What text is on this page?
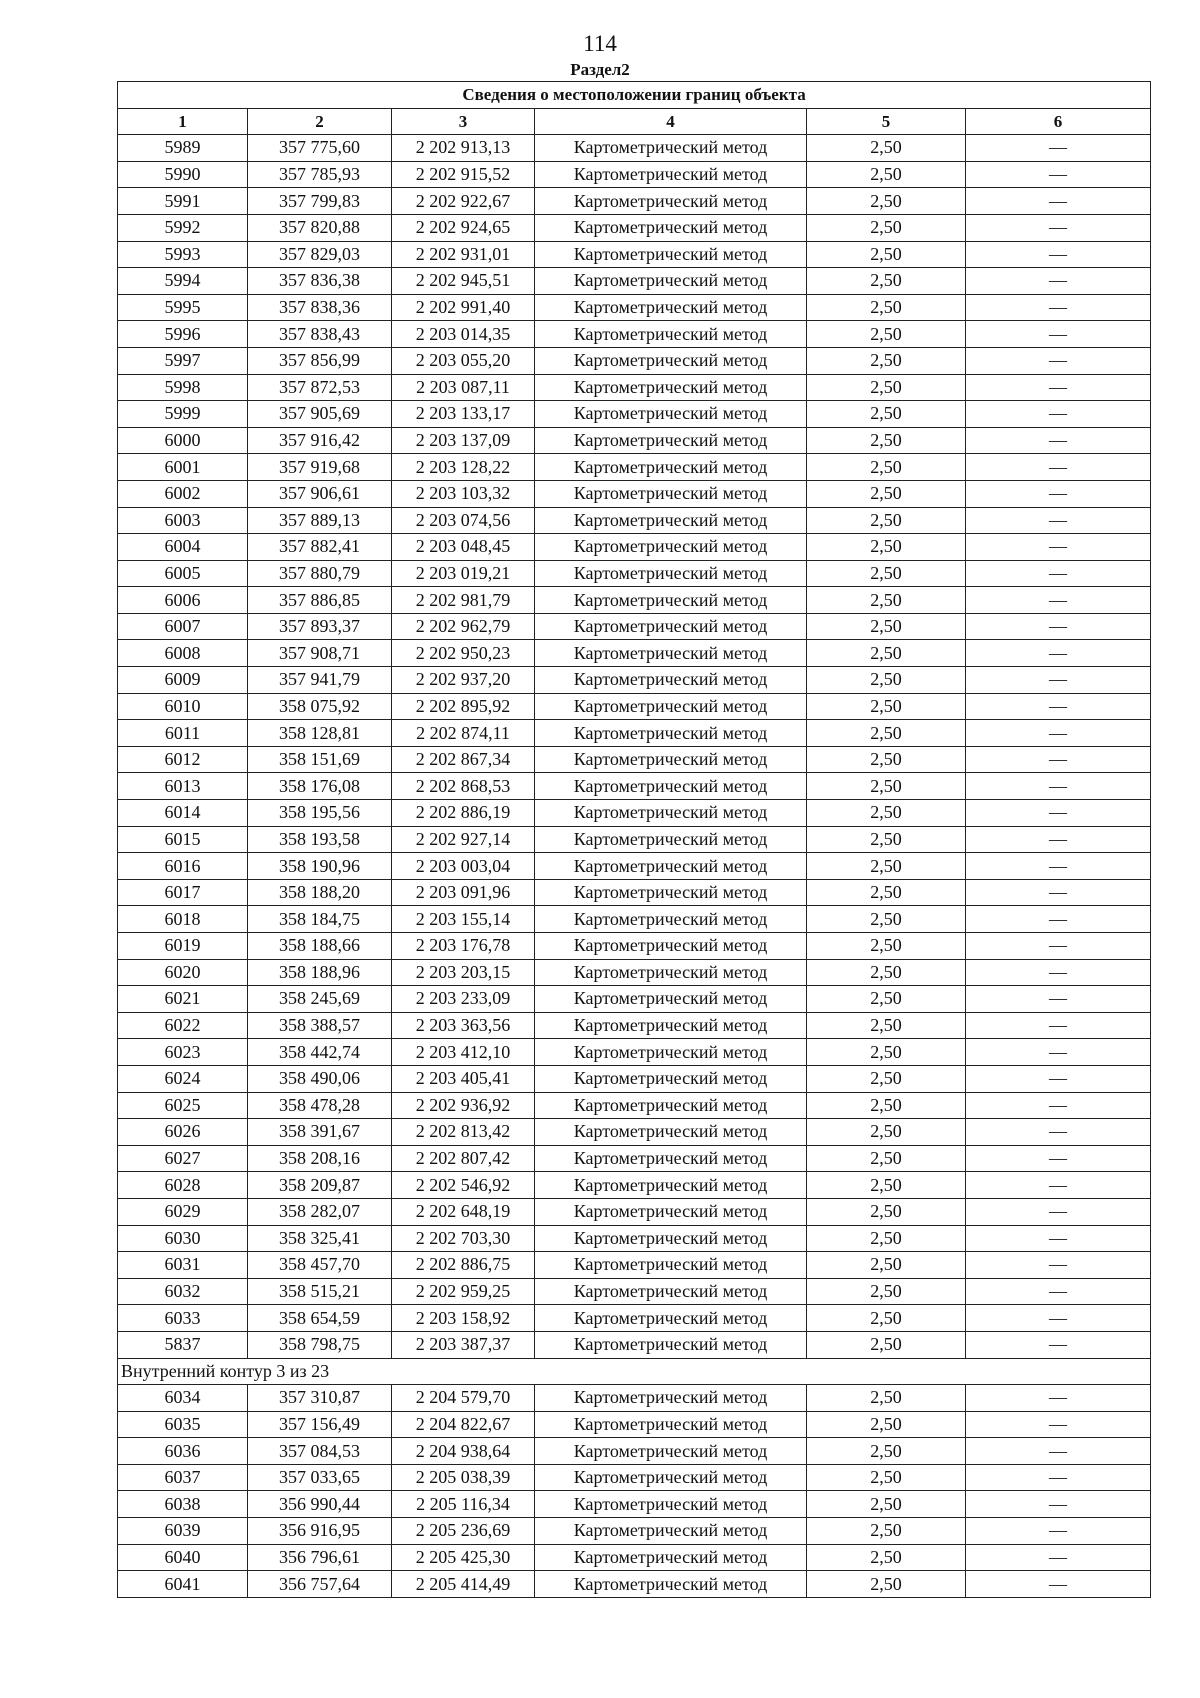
114
Раздел2
Сведения о местоположении границ объекта					
1	2	3	4	5	6
5989	357 775,60	2 202 913,13	Картометрический метод	2,50	—
5990	357 785,93	2 202 915,52	Картометрический метод	2,50	—
5991	357 799,83	2 202 922,67	Картометрический метод	2,50	—
5992	357 820,88	2 202 924,65	Картометрический метод	2,50	—
5993	357 829,03	2 202 931,01	Картометрический метод	2,50	—
5994	357 836,38	2 202 945,51	Картометрический метод	2,50	—
5995	357 838,36	2 202 991,40	Картометрический метод	2,50	—
5996	357 838,43	2 203 014,35	Картометрический метод	2,50	—
5997	357 856,99	2 203 055,20	Картометрический метод	2,50	—
5998	357 872,53	2 203 087,11	Картометрический метод	2,50	—
5999	357 905,69	2 203 133,17	Картометрический метод	2,50	—
6000	357 916,42	2 203 137,09	Картометрический метод	2,50	—
6001	357 919,68	2 203 128,22	Картометрический метод	2,50	—
6002	357 906,61	2 203 103,32	Картометрический метод	2,50	—
6003	357 889,13	2 203 074,56	Картометрический метод	2,50	—
6004	357 882,41	2 203 048,45	Картометрический метод	2,50	—
6005	357 880,79	2 203 019,21	Картометрический метод	2,50	—
6006	357 886,85	2 202 981,79	Картометрический метод	2,50	—
6007	357 893,37	2 202 962,79	Картометрический метод	2,50	—
6008	357 908,71	2 202 950,23	Картометрический метод	2,50	—
6009	357 941,79	2 202 937,20	Картометрический метод	2,50	—
6010	358 075,92	2 202 895,92	Картометрический метод	2,50	—
6011	358 128,81	2 202 874,11	Картометрический метод	2,50	—
6012	358 151,69	2 202 867,34	Картометрический метод	2,50	—
6013	358 176,08	2 202 868,53	Картометрический метод	2,50	—
6014	358 195,56	2 202 886,19	Картометрический метод	2,50	—
6015	358 193,58	2 202 927,14	Картометрический метод	2,50	—
6016	358 190,96	2 203 003,04	Картометрический метод	2,50	—
6017	358 188,20	2 203 091,96	Картометрический метод	2,50	—
6018	358 184,75	2 203 155,14	Картометрический метод	2,50	—
6019	358 188,66	2 203 176,78	Картометрический метод	2,50	—
6020	358 188,96	2 203 203,15	Картометрический метод	2,50	—
6021	358 245,69	2 203 233,09	Картометрический метод	2,50	—
6022	358 388,57	2 203 363,56	Картометрический метод	2,50	—
6023	358 442,74	2 203 412,10	Картометрический метод	2,50	—
6024	358 490,06	2 203 405,41	Картометрический метод	2,50	—
6025	358 478,28	2 202 936,92	Картометрический метод	2,50	—
6026	358 391,67	2 202 813,42	Картометрический метод	2,50	—
6027	358 208,16	2 202 807,42	Картометрический метод	2,50	—
6028	358 209,87	2 202 546,92	Картометрический метод	2,50	—
6029	358 282,07	2 202 648,19	Картометрический метод	2,50	—
6030	358 325,41	2 202 703,30	Картометрический метод	2,50	—
6031	358 457,70	2 202 886,75	Картометрический метод	2,50	—
6032	358 515,21	2 202 959,25	Картометрический метод	2,50	—
6033	358 654,59	2 203 158,92	Картометрический метод	2,50	—
5837	358 798,75	2 203 387,37	Картометрический метод	2,50	—
Внутренний контур 3 из 23					
6034	357 310,87	2 204 579,70	Картометрический метод	2,50	—
6035	357 156,49	2 204 822,67	Картометрический метод	2,50	—
6036	357 084,53	2 204 938,64	Картометрический метод	2,50	—
6037	357 033,65	2 205 038,39	Картометрический метод	2,50	—
6038	356 990,44	2 205 116,34	Картометрический метод	2,50	—
6039	356 916,95	2 205 236,69	Картометрический метод	2,50	—
6040	356 796,61	2 205 425,30	Картометрический метод	2,50	—
6041	356 757,64	2 205 414,49	Картометрический метод	2,50	—
